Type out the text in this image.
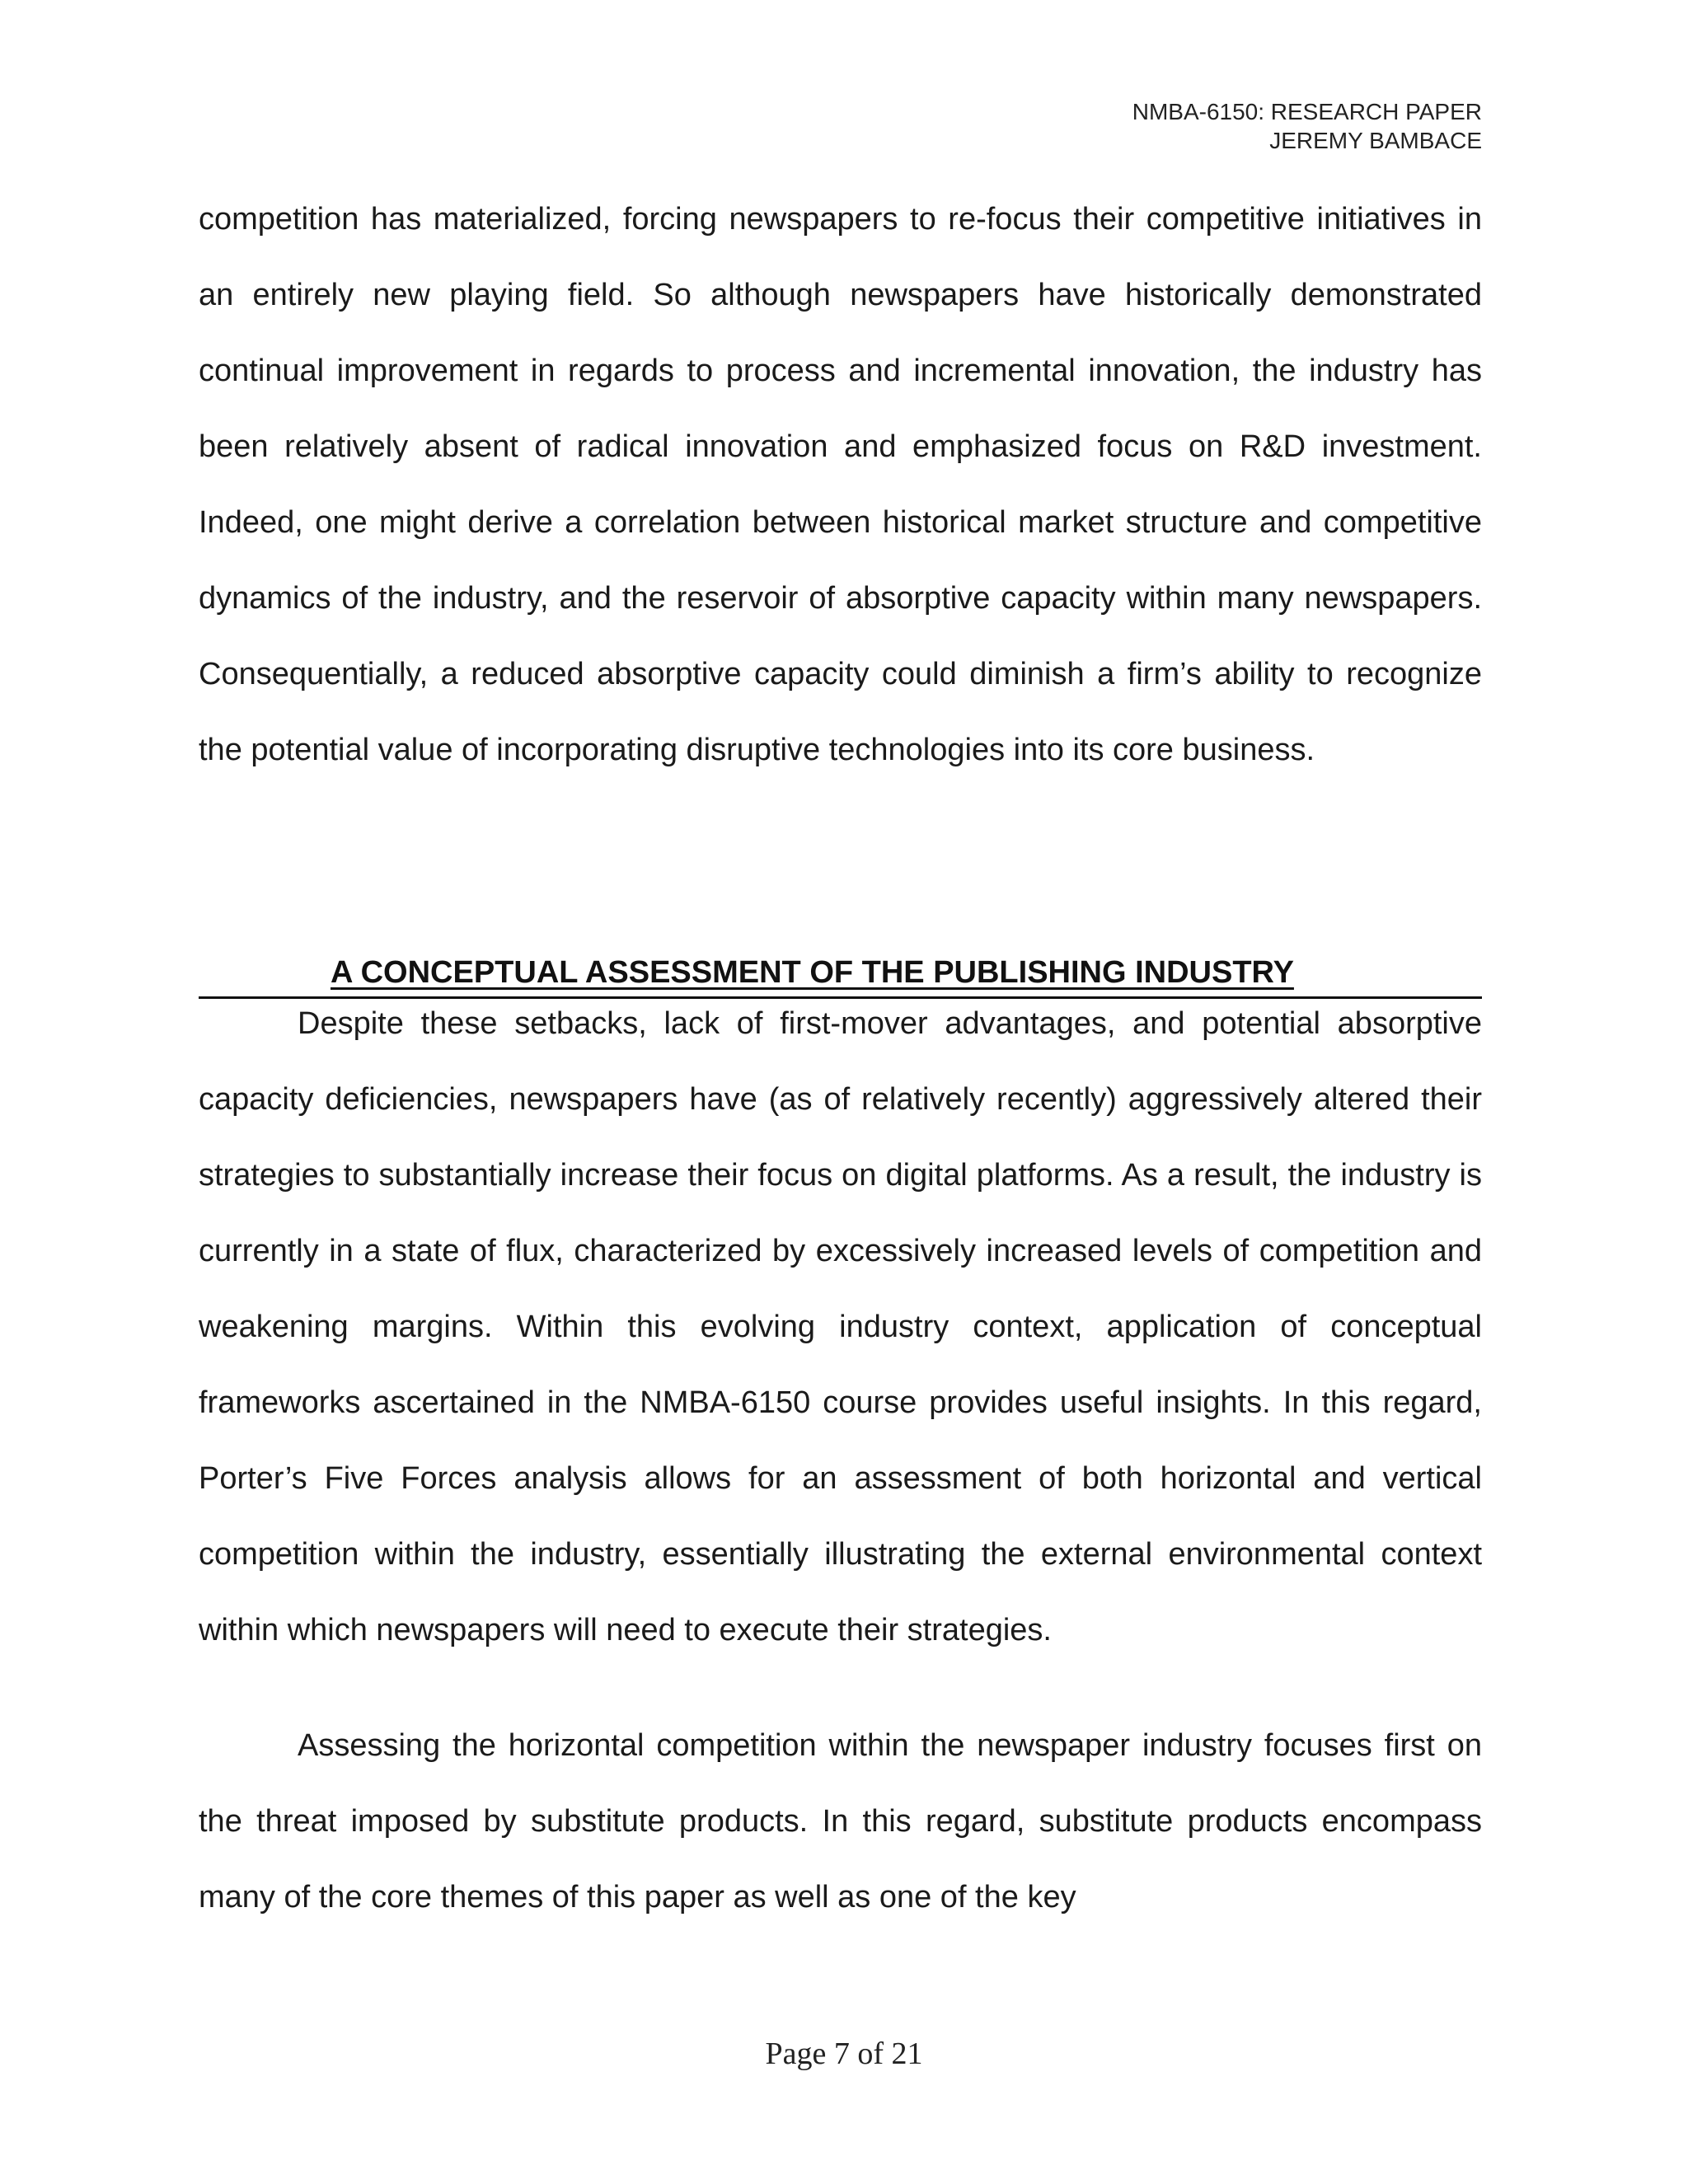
NMBA-6150: RESEARCH PAPER
JEREMY BAMBACE

competition has materialized, forcing newspapers to re-focus their competitive initiatives in an entirely new playing field. So although newspapers have historically demonstrated continual improvement in regards to process and incremental innovation, the industry has been relatively absent of radical innovation and emphasized focus on R&D investment. Indeed, one might derive a correlation between historical market structure and competitive dynamics of the industry, and the reservoir of absorptive capacity within many newspapers. Consequentially, a reduced absorptive capacity could diminish a firm’s ability to recognize the potential value of incorporating disruptive technologies into its core business.

A CONCEPTUAL ASSESSMENT OF THE PUBLISHING INDUSTRY

Despite these setbacks, lack of first-mover advantages, and potential absorptive capacity deficiencies, newspapers have (as of relatively recently) aggressively altered their strategies to substantially increase their focus on digital platforms. As a result, the industry is currently in a state of flux, characterized by excessively increased levels of competition and weakening margins. Within this evolving industry context, application of conceptual frameworks ascertained in the NMBA-6150 course provides useful insights. In this regard, Porter’s Five Forces analysis allows for an assessment of both horizontal and vertical competition within the industry, essentially illustrating the external environmental context within which newspapers will need to execute their strategies.

Assessing the horizontal competition within the newspaper industry focuses first on the threat imposed by substitute products. In this regard, substitute products encompass many of the core themes of this paper as well as one of the key

Page 7 of 21
